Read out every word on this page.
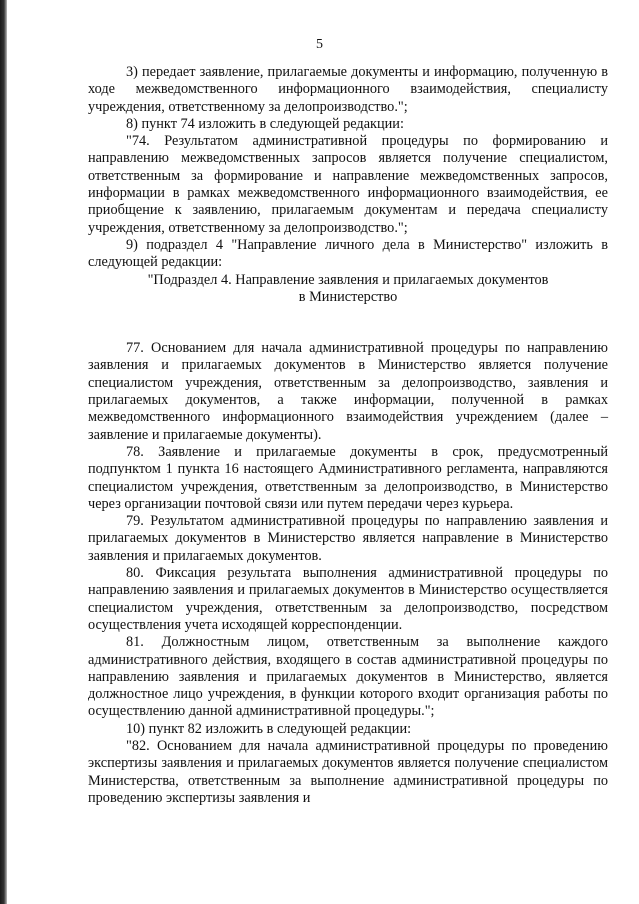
5

3) передает заявление, прилагаемые документы и информацию, полученную в ходе межведомственного информационного взаимодействия, специалисту учреждения, ответственному за делопроизводство.";

8) пункт 74 изложить в следующей редакции:

"74. Результатом административной процедуры по формированию и направлению межведомственных запросов является получение специалистом, ответственным за формирование и направление межведомственных запросов, информации в рамках межведомственного информационного взаимодействия, ее приобщение к заявлению, прилагаемым документам и передача специалисту учреждения, ответственному за делопроизводство.";

9) подраздел 4 "Направление личного дела в Министерство" изложить в следующей редакции:

"Подраздел 4. Направление заявления и прилагаемых документов

в Министерство

77. Основанием для начала административной процедуры по направлению заявления и прилагаемых документов в Министерство является получение специалистом учреждения, ответственным за делопроизводство, заявления и прилагаемых документов, а также информации, полученной в рамках межведомственного информационного взаимодействия учреждением (далее – заявление и прилагаемые документы).

78. Заявление и прилагаемые документы в срок, предусмотренный подпунктом 1 пункта 16 настоящего Административного регламента, направляются специалистом учреждения, ответственным за делопроизводство, в Министерство через организации почтовой связи или путем передачи через курьера.

79. Результатом административной процедуры по направлению заявления и прилагаемых документов в Министерство является направление в Министерство заявления и прилагаемых документов.

80. Фиксация результата выполнения административной процедуры по направлению заявления и прилагаемых документов в Министерство осуществляется специалистом учреждения, ответственным за делопроизводство, посредством осуществления учета исходящей корреспонденции.

81. Должностным лицом, ответственным за выполнение каждого административного действия, входящего в состав административной процедуры по направлению заявления и прилагаемых документов в Министерство, является должностное лицо учреждения, в функции которого входит организация работы по осуществлению данной административной процедуры.";

10) пункт 82 изложить в следующей редакции:

"82. Основанием для начала административной процедуры по проведению экспертизы заявления и прилагаемых документов является получение специалистом Министерства, ответственным за выполнение административной процедуры по проведению экспертизы заявления и
